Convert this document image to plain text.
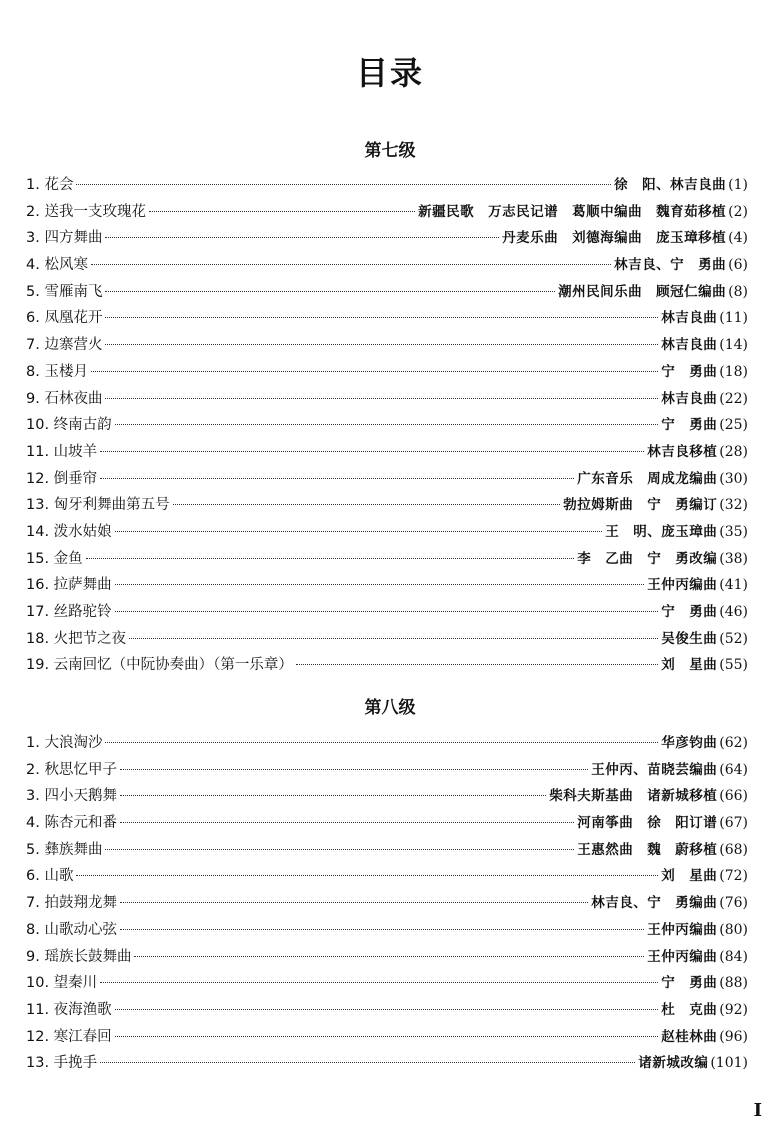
目录
第七级
1. 花会	徐　阳、林吉良曲 (1)
2. 送我一支玫瑰花	新疆民歌　万志民记谱　葛顺中编曲　魏育茹移植 (2)
3. 四方舞曲	丹麦乐曲　刘德海编曲　庞玉璋移植 (4)
4. 松风寒	林吉良、宁　勇曲 (6)
5. 雪雁南飞	潮州民间乐曲　顾冠仁编曲 (8)
6. 凤凰花开	林吉良曲 (11)
7. 边寨营火	林吉良曲 (14)
8. 玉楼月	宁　勇曲 (18)
9. 石林夜曲	林吉良曲 (22)
10. 终南古韵	宁　勇曲 (25)
11. 山坡羊	林吉良移植 (28)
12. 倒垂帘	广东音乐　周成龙编曲 (30)
13. 匈牙利舞曲第五号	勃拉姆斯曲　宁　勇编订 (32)
14. 泼水姑娘	王　明、庞玉璋曲 (35)
15. 金鱼	李　乙曲　宁　勇改编 (38)
16. 拉萨舞曲	王仲丙编曲 (41)
17. 丝路驼铃	宁　勇曲 (46)
18. 火把节之夜	吴俊生曲 (52)
19. 云南回忆（中阮协奏曲）（第一乐章）	刘　星曲 (55)
第八级
1. 大浪淘沙	华彦钧曲 (62)
2. 秋思忆甲子	王仲丙、苗晓芸编曲 (64)
3. 四小天鹅舞	柴科夫斯基曲　诸新城移植 (66)
4. 陈杏元和番	河南筝曲　徐　阳订谱 (67)
5. 彝族舞曲	王惠然曲　魏　蔚移植 (68)
6. 山歌	刘　星曲 (72)
7. 拍鼓翔龙舞	林吉良、宁　勇编曲 (76)
8. 山歌动心弦	王仲丙编曲 (80)
9. 瑶族长鼓舞曲	王仲丙编曲 (84)
10. 望秦川	宁　勇曲 (88)
11. 夜海渔歌	杜　克曲 (92)
12. 寒江春回	赵桂林曲 (96)
13. 手挽手	诸新城改编 (101)
I
